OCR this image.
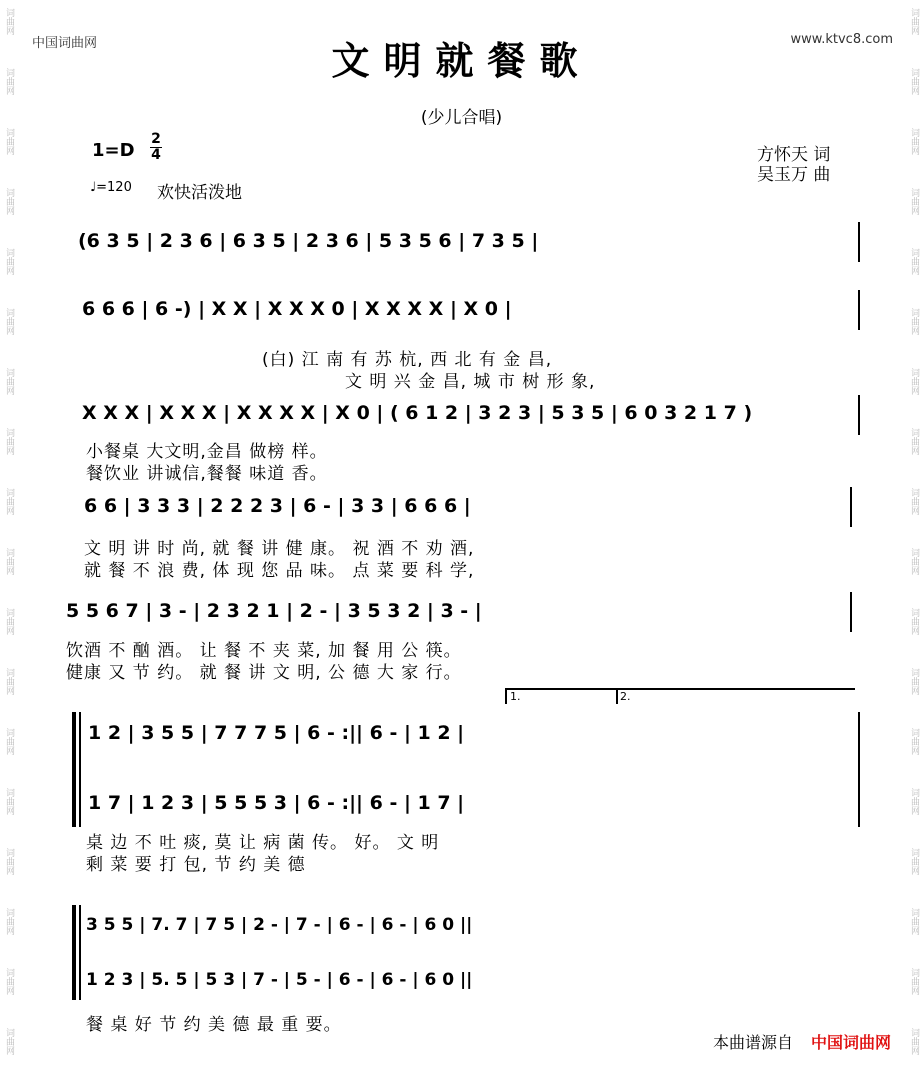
词曲网
词曲网
词曲网
词曲网
词曲网
词曲网
词曲网
词曲网
词曲网
词曲网
词曲网
词曲网
词曲网
词曲网
词曲网
词曲网
词曲网
词曲网
词曲网
词曲网
词曲网
词曲网
词曲网
词曲网
词曲网
词曲网
词曲网
词曲网
词曲网
词曲网
词曲网
词曲网
词曲网
词曲网
词曲网
词曲网
中国词曲网	www.ktvc8.com
文明就餐歌
(少儿合唱)
1=D
2
4	方怀天 词
吴玉万 曲
♩=120 欢快活泼地
(6 3 5 | 2 3 6 | 6 3 5 | 2 3 6 | 5 3 5 6 | 7 3 5 |
6 6 6 | 6 -) | X X | X X X 0 | X X X X | X 0 |
(白) 江 南 有 苏 杭, 西 北 有 金 昌,
文 明 兴 金 昌, 城 市 树 形 象,
X X X | X X X | X X X X | X 0 | ( 6 1 2 | 3 2 3 | 5 3 5 | 6 0 3 2 1 7 )
小餐桌 大文明,金昌 做榜 样。
餐饮业 讲诚信,餐餐 味道 香。
6 6 | 3 3 3 | 2 2 2 3 | 6 - | 3 3 | 6 6 6 |
文 明 讲 时 尚, 就 餐 讲 健 康。 祝 酒 不 劝 酒,
就 餐 不 浪 费, 体 现 您 品 味。 点 菜 要 科 学,
5 5 6 7 | 3 - | 2 3 2 1 | 2 - | 3 5 3 2 | 3 - |
饮酒 不 酗 酒。 让 餐 不 夹 菜, 加 餐 用 公 筷。
健康 又 节 约。 就 餐 讲 文 明, 公 德 大 家 行。
1.	2.
1 2 | 3 5 5 | 7 7 7 5 | 6 - :|| 6 - | 1 2 |
1 7 | 1 2 3 | 5 5 5 3 | 6 - :|| 6 - | 1 7 |
桌 边 不 吐 痰, 莫 让 病 菌 传。 好。 文 明
剩 菜 要 打 包, 节 约 美 德
3 5 5 | 7. 7 | 7 5 | 2 - | 7 - | 6 - | 6 - | 6 0 ||
1 2 3 | 5. 5 | 5 3 | 7 - | 5 - | 6 - | 6 - | 6 0 ||
餐 桌 好 节 约 美 德 最 重 要。
本曲谱源自 中国词曲网
